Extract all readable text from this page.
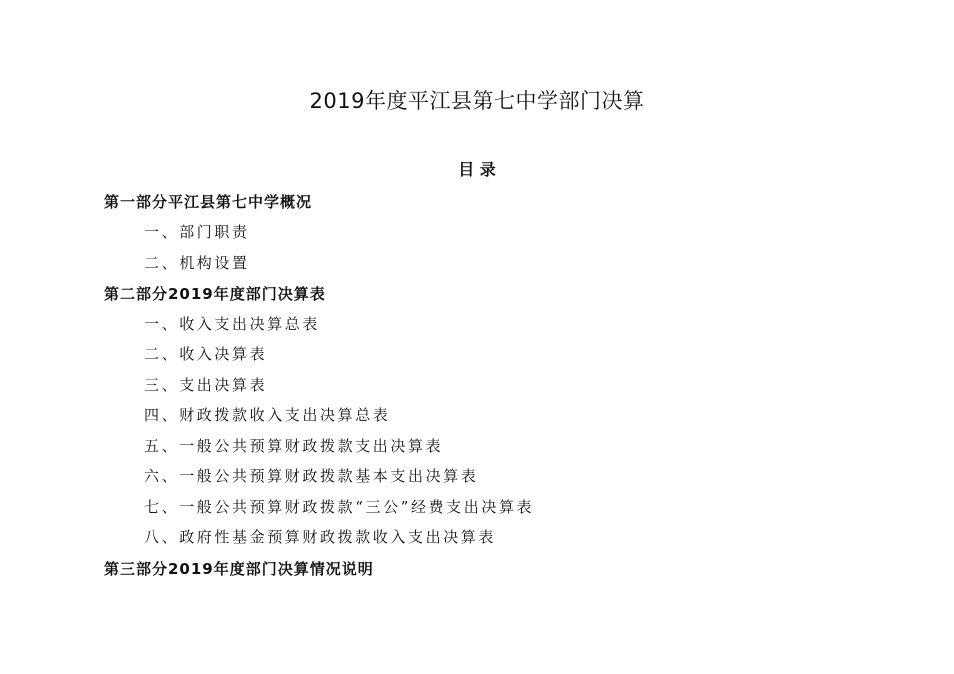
2019年度平江县第七中学部门决算
目 录
第一部分平江县第七中学概况
一、部门职责
二、机构设置
第二部分2019年度部门决算表
一、收入支出决算总表
二、收入决算表
三、支出决算表
四、财政拨款收入支出决算总表
五、一般公共预算财政拨款支出决算表
六、一般公共预算财政拨款基本支出决算表
七、一般公共预算财政拨款“三公”经费支出决算表
八、政府性基金预算财政拨款收入支出决算表
第三部分2019年度部门决算情况说明
